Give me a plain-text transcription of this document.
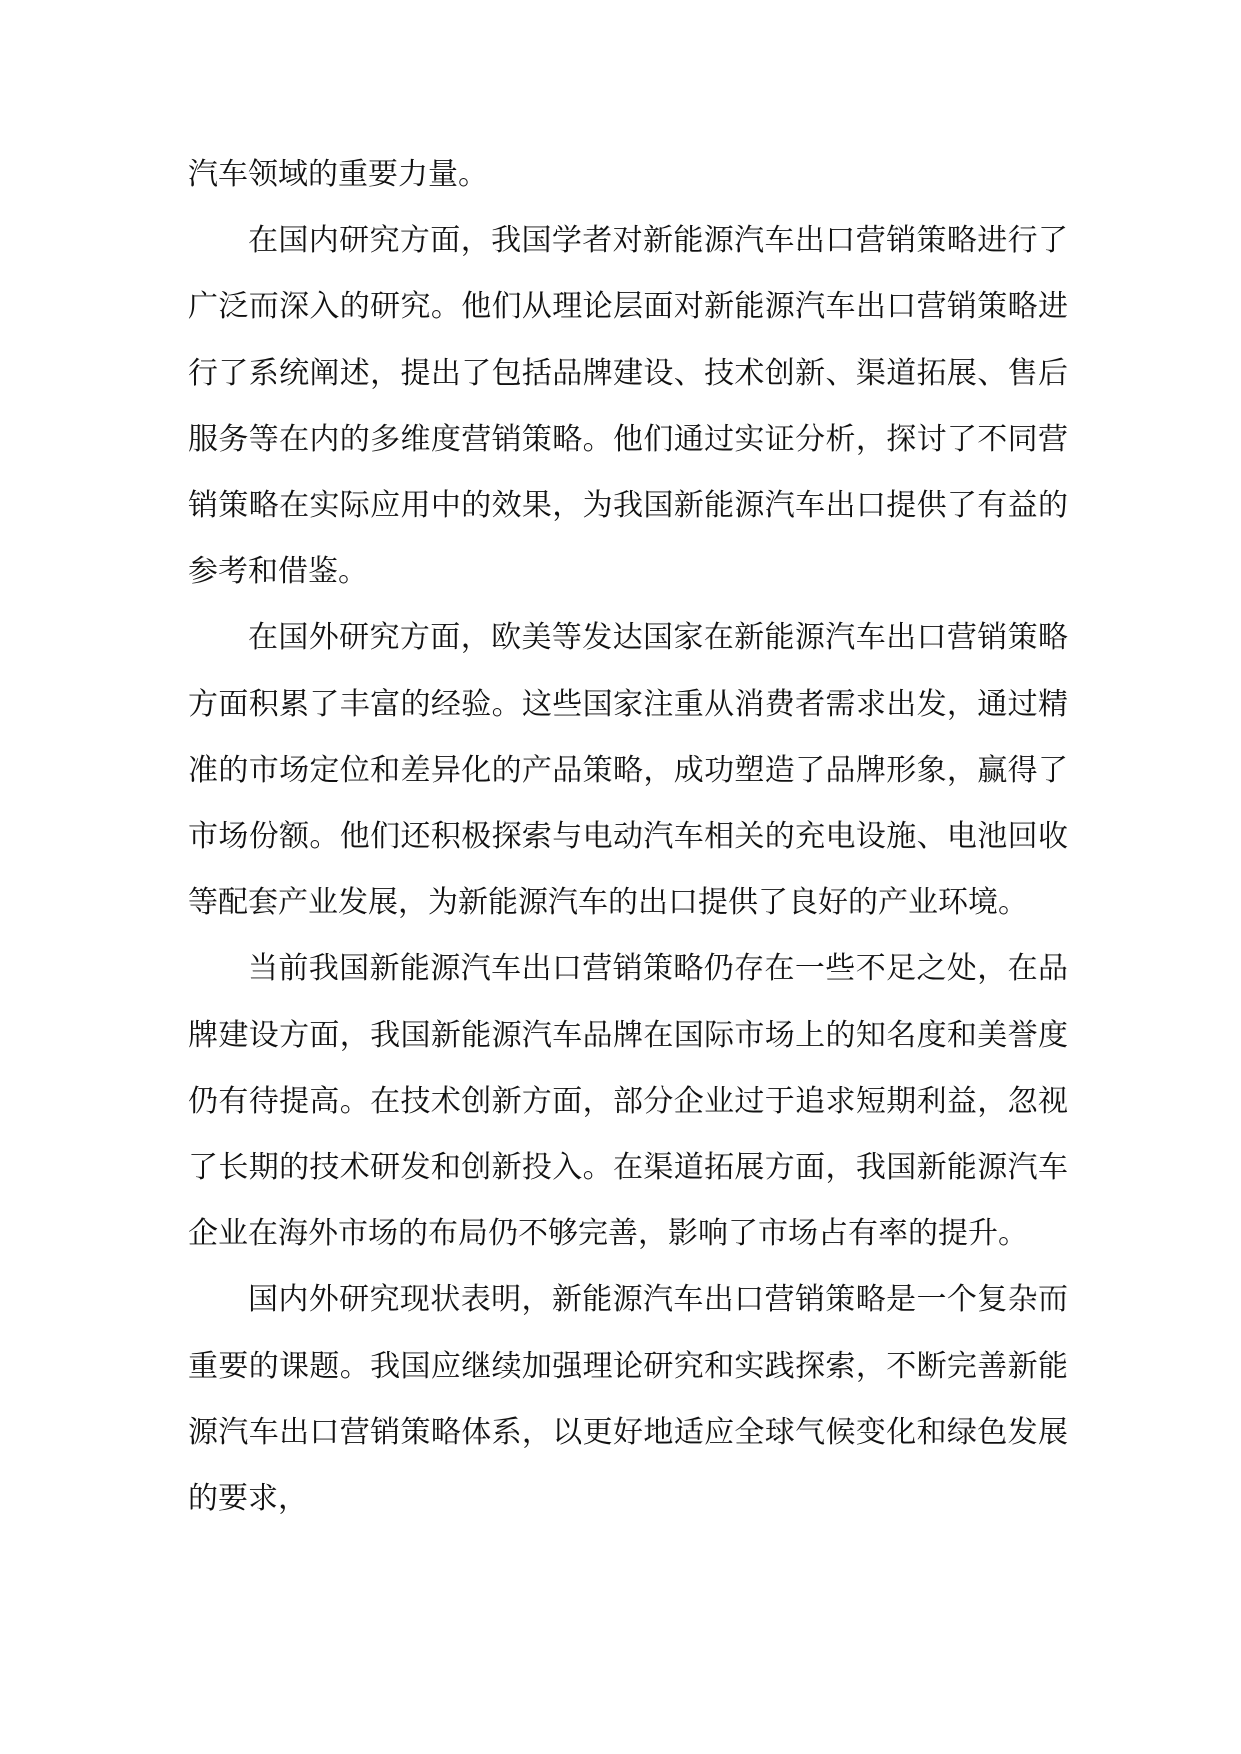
汽车领域的重要力量。

在国内研究方面，我国学者对新能源汽车出口营销策略进行了广泛而深入的研究。他们从理论层面对新能源汽车出口营销策略进行了系统阐述，提出了包括品牌建设、技术创新、渠道拓展、售后服务等在内的多维度营销策略。他们通过实证分析，探讨了不同营销策略在实际应用中的效果，为我国新能源汽车出口提供了有益的参考和借鉴。

在国外研究方面，欧美等发达国家在新能源汽车出口营销策略方面积累了丰富的经验。这些国家注重从消费者需求出发，通过精准的市场定位和差异化的产品策略，成功塑造了品牌形象，赢得了市场份额。他们还积极探索与电动汽车相关的充电设施、电池回收等配套产业发展，为新能源汽车的出口提供了良好的产业环境。

当前我国新能源汽车出口营销策略仍存在一些不足之处，在品牌建设方面，我国新能源汽车品牌在国际市场上的知名度和美誉度仍有待提高。在技术创新方面，部分企业过于追求短期利益，忽视了长期的技术研发和创新投入。在渠道拓展方面，我国新能源汽车企业在海外市场的布局仍不够完善，影响了市场占有率的提升。

国内外研究现状表明，新能源汽车出口营销策略是一个复杂而重要的课题。我国应继续加强理论研究和实践探索，不断完善新能源汽车出口营销策略体系，以更好地适应全球气候变化和绿色发展的要求，
